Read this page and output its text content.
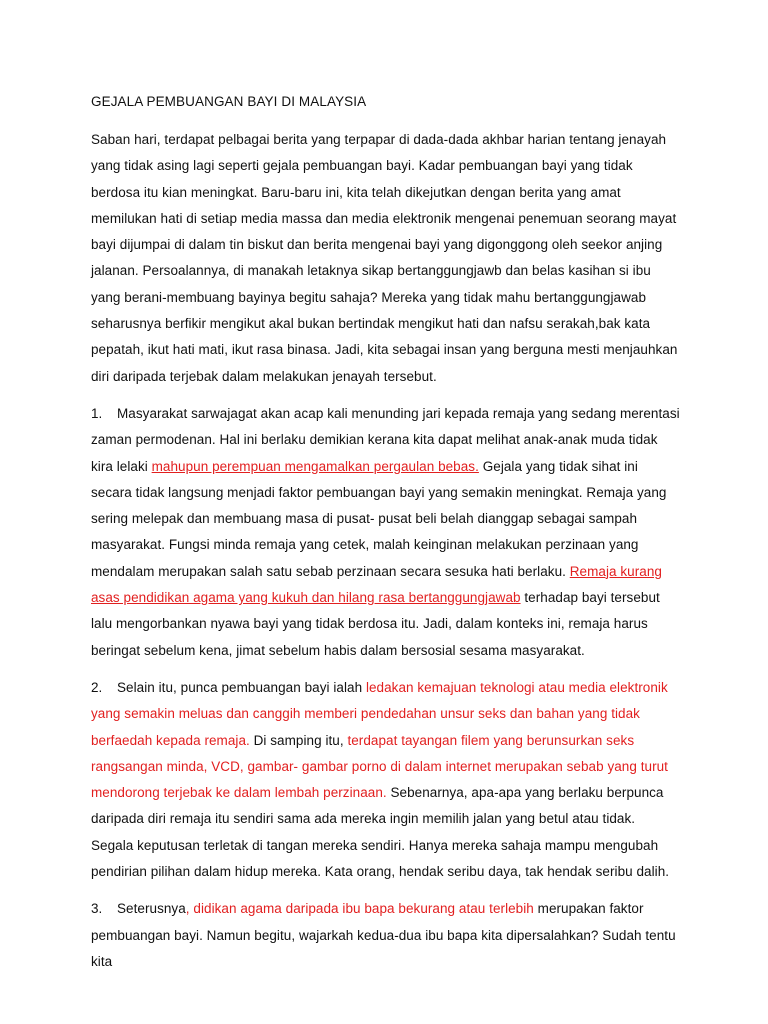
GEJALA PEMBUANGAN BAYI DI MALAYSIA

Saban hari, terdapat pelbagai berita yang terpapar di dada-dada akhbar harian tentang jenayah yang tidak asing lagi seperti gejala pembuangan bayi. Kadar pembuangan bayi yang tidak berdosa itu kian meningkat. Baru-baru ini, kita telah dikejutkan dengan berita yang amat memilukan hati di setiap media massa dan media elektronik mengenai penemuan seorang mayat bayi dijumpai di dalam tin biskut dan berita mengenai bayi yang digonggong oleh seekor anjing jalanan. Persoalannya, di manakah letaknya sikap bertanggungjawb dan belas kasihan si ibu yang berani-membuang bayinya begitu sahaja? Mereka yang tidak mahu bertanggungjawab seharusnya berfikir mengikut akal bukan bertindak mengikut hati dan nafsu serakah,bak kata pepatah, ikut hati mati, ikut rasa binasa. Jadi, kita sebagai insan yang berguna mesti menjauhkan diri daripada terjebak dalam melakukan jenayah tersebut.

1. Masyarakat sarwajagat akan acap kali menunding jari kepada remaja yang sedang merentasi zaman permodenan. Hal ini berlaku demikian kerana kita dapat melihat anak-anak muda tidak kira lelaki mahupun perempuan mengamalkan pergaulan bebas. Gejala yang tidak sihat ini secara tidak langsung menjadi faktor pembuangan bayi yang semakin meningkat. Remaja yang sering melepak dan membuang masa di pusat- pusat beli belah dianggap sebagai sampah masyarakat. Fungsi minda remaja yang cetek, malah keinginan melakukan perzinaan yang mendalam merupakan salah satu sebab perzinaan secara sesuka hati berlaku. Remaja kurang asas pendidikan agama yang kukuh dan hilang rasa bertanggungjawab terhadap bayi tersebut lalu mengorbankan nyawa bayi yang tidak berdosa itu. Jadi, dalam konteks ini, remaja harus beringat sebelum kena, jimat sebelum habis dalam bersosial sesama masyarakat.

2. Selain itu, punca pembuangan bayi ialah ledakan kemajuan teknologi atau media elektronik yang semakin meluas dan canggih memberi pendedahan unsur seks dan bahan yang tidak berfaedah kepada remaja. Di samping itu, terdapat tayangan filem yang berunsurkan seks rangsangan minda, VCD, gambar- gambar porno di dalam internet merupakan sebab yang turut mendorong terjebak ke dalam lembah perzinaan. Sebenarnya, apa-apa yang berlaku berpunca daripada diri remaja itu sendiri sama ada mereka ingin memilih jalan yang betul atau tidak. Segala keputusan terletak di tangan mereka sendiri. Hanya mereka sahaja mampu mengubah pendirian pilihan dalam hidup mereka. Kata orang, hendak seribu daya, tak hendak seribu dalih.

3. Seterusnya, didikan agama daripada ibu bapa bekurang atau terlebih merupakan faktor pembuangan bayi. Namun begitu, wajarkah kedua-dua ibu bapa kita dipersalahkan? Sudah tentu kita
